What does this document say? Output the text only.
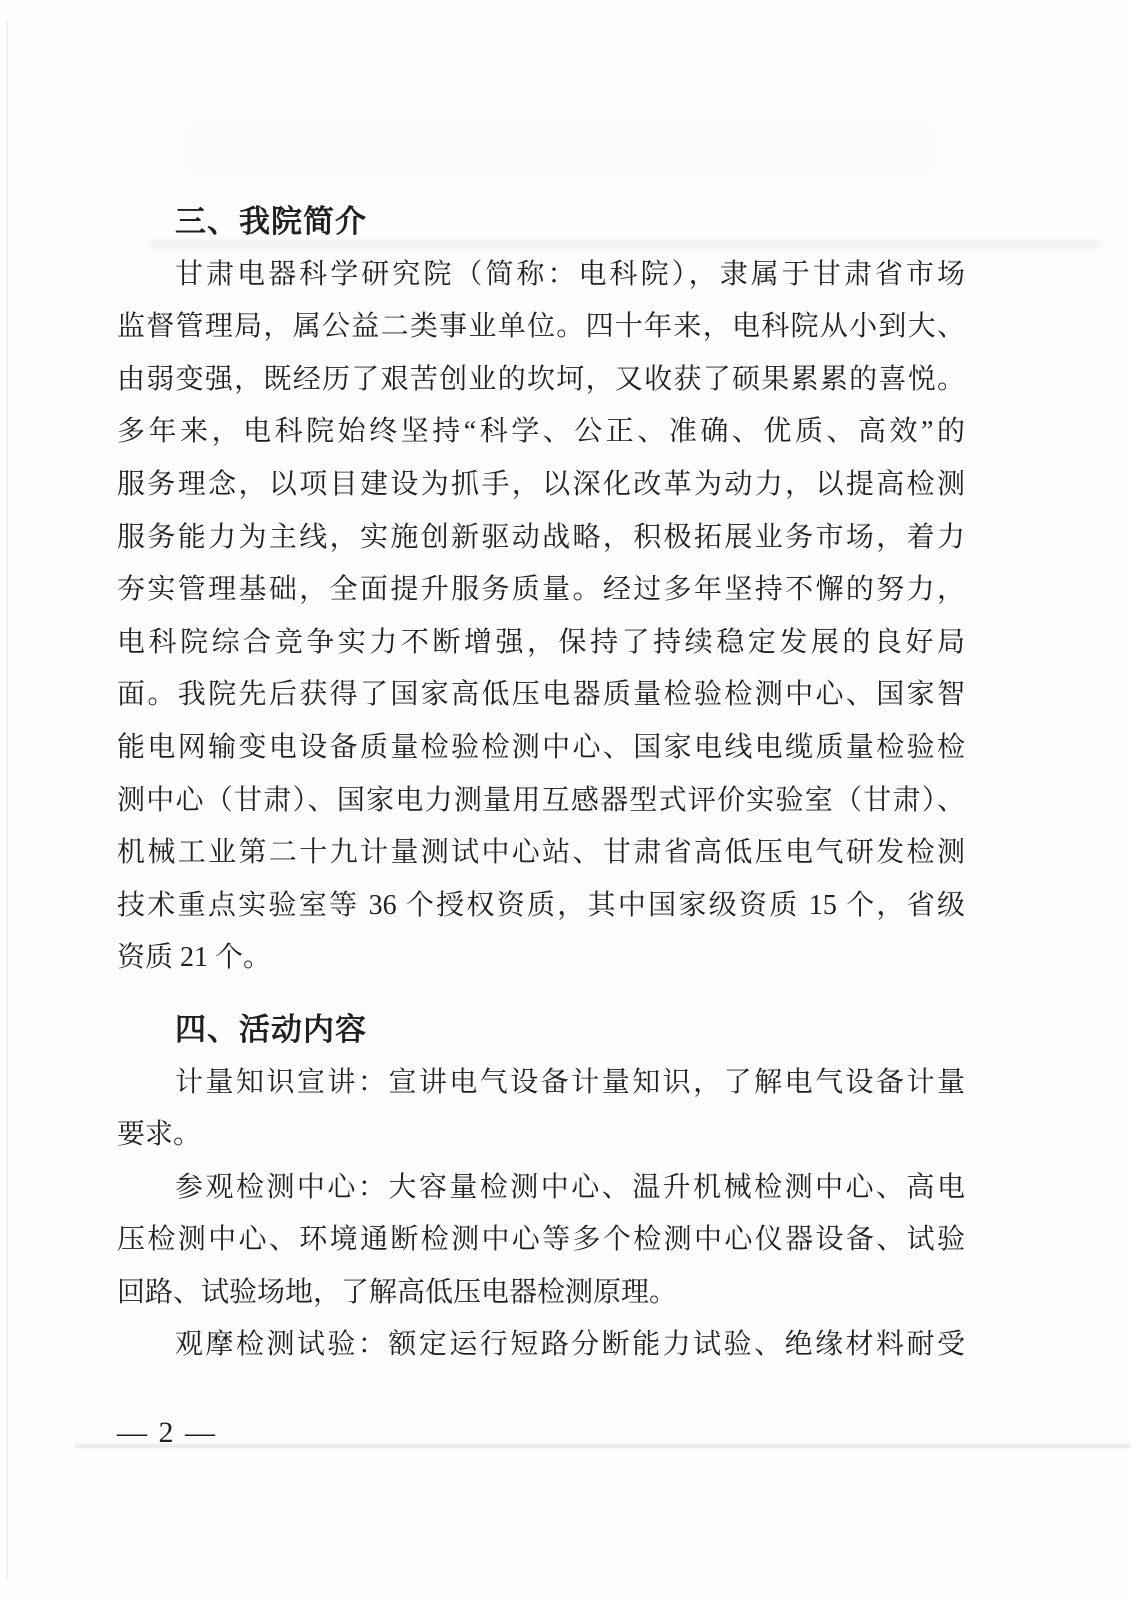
三、我院简介
甘肃电器科学研究院（简称：电科院），隶属于甘肃省市场
监督管理局，属公益二类事业单位。四十年来，电科院从小到大、
由弱变强，既经历了艰苦创业的坎坷，又收获了硕果累累的喜悦。
多年来，电科院始终坚持“科学、公正、准确、优质、高效”的
服务理念，以项目建设为抓手，以深化改革为动力，以提高检测
服务能力为主线，实施创新驱动战略，积极拓展业务市场，着力
夯实管理基础，全面提升服务质量。经过多年坚持不懈的努力，
电科院综合竞争实力不断增强，保持了持续稳定发展的良好局
面。我院先后获得了国家高低压电器质量检验检测中心、国家智
能电网输变电设备质量检验检测中心、国家电线电缆质量检验检
测中心（甘肃）、国家电力测量用互感器型式评价实验室（甘肃）、
机械工业第二十九计量测试中心站、甘肃省高低压电气研发检测
技术重点实验室等 36 个授权资质，其中国家级资质 15 个，省级
资质 21 个。
四、活动内容
计量知识宣讲：宣讲电气设备计量知识，了解电气设备计量
要求。
参观检测中心：大容量检测中心、温升机械检测中心、高电
压检测中心、环境通断检测中心等多个检测中心仪器设备、试验
回路、试验场地，了解高低压电器检测原理。
观摩检测试验：额定运行短路分断能力试验、绝缘材料耐受
— 2 —
